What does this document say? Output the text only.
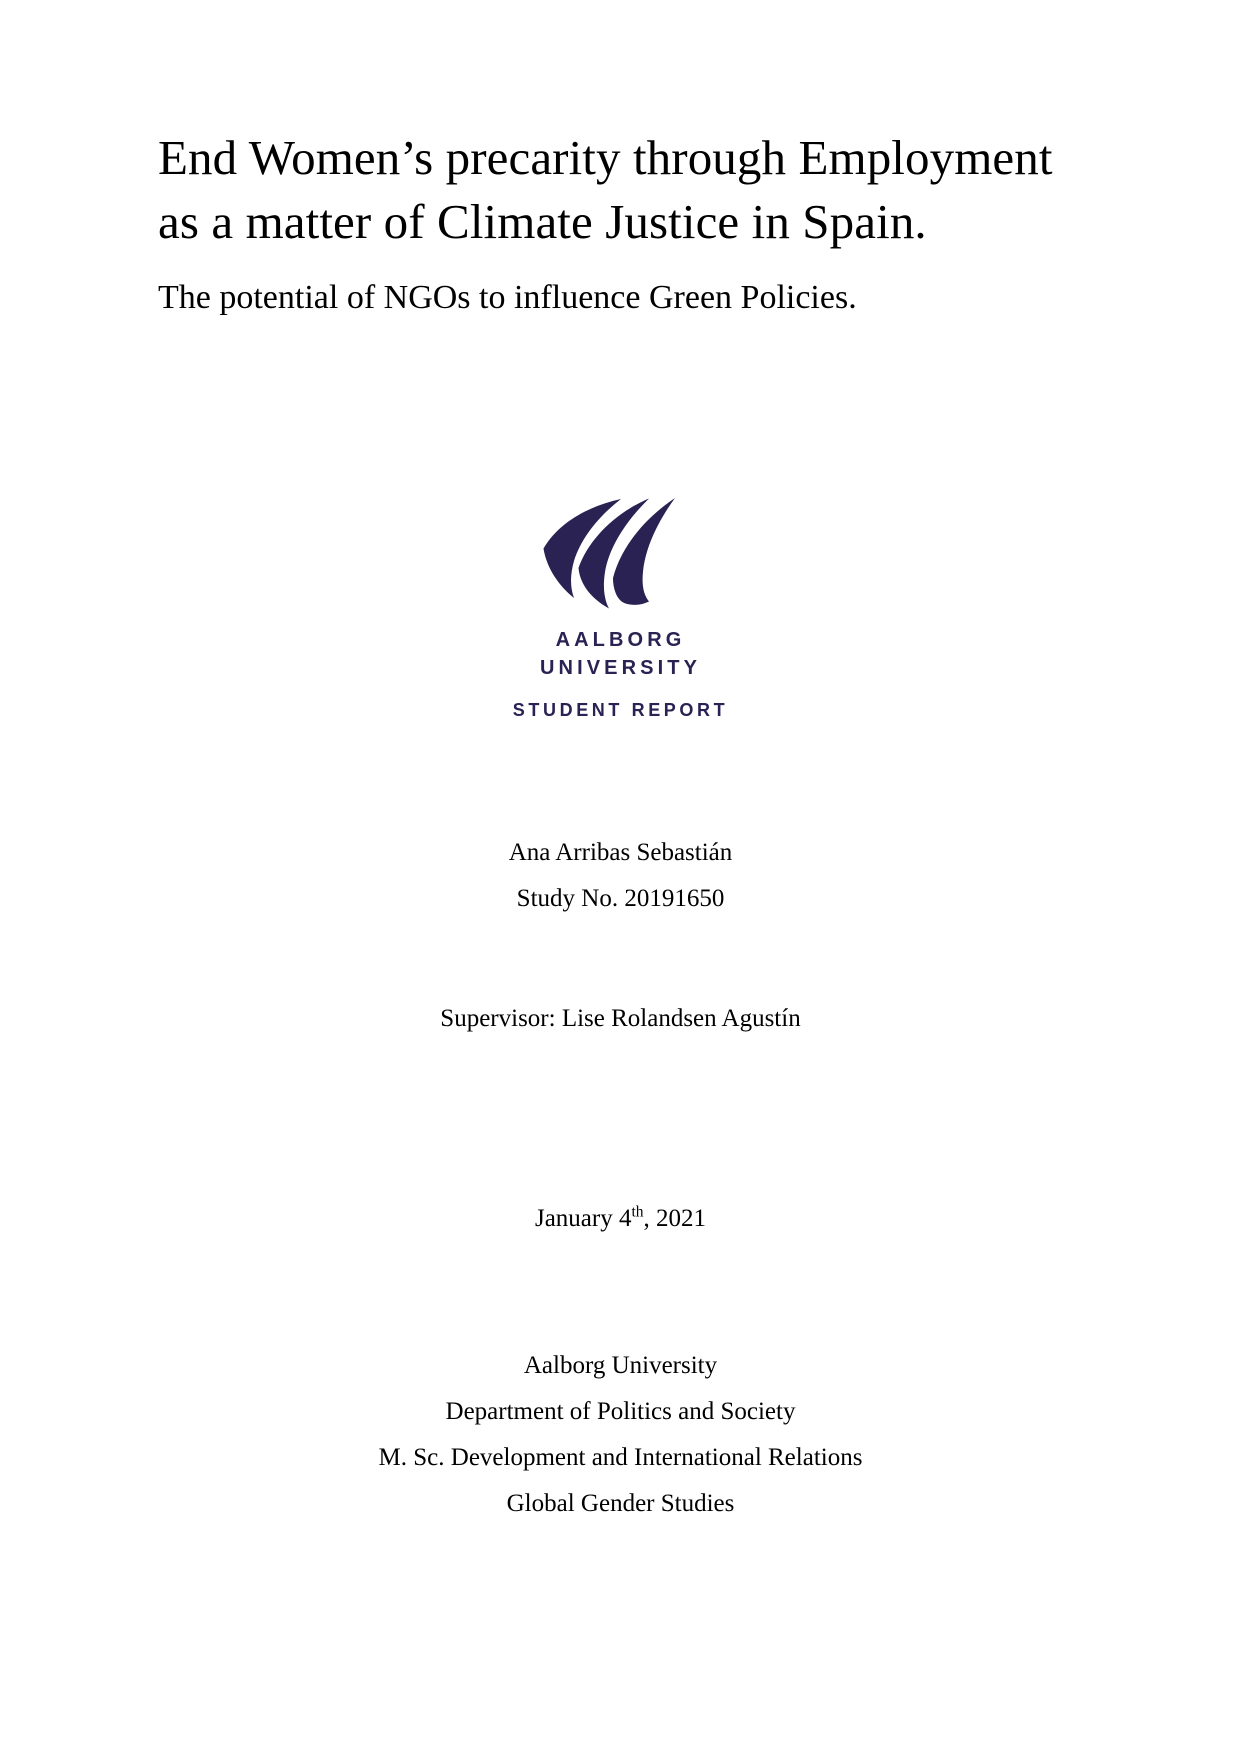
End Women’s precarity through Employment as a matter of Climate Justice in Spain.
The potential of NGOs to influence Green Policies.
AALBORG
UNIVERSITY
STUDENT REPORT
Ana Arribas Sebastián
Study No. 20191650
Supervisor: Lise Rolandsen Agustín
January 4th, 2021
Aalborg University
Department of Politics and Society
M. Sc. Development and International Relations
Global Gender Studies
